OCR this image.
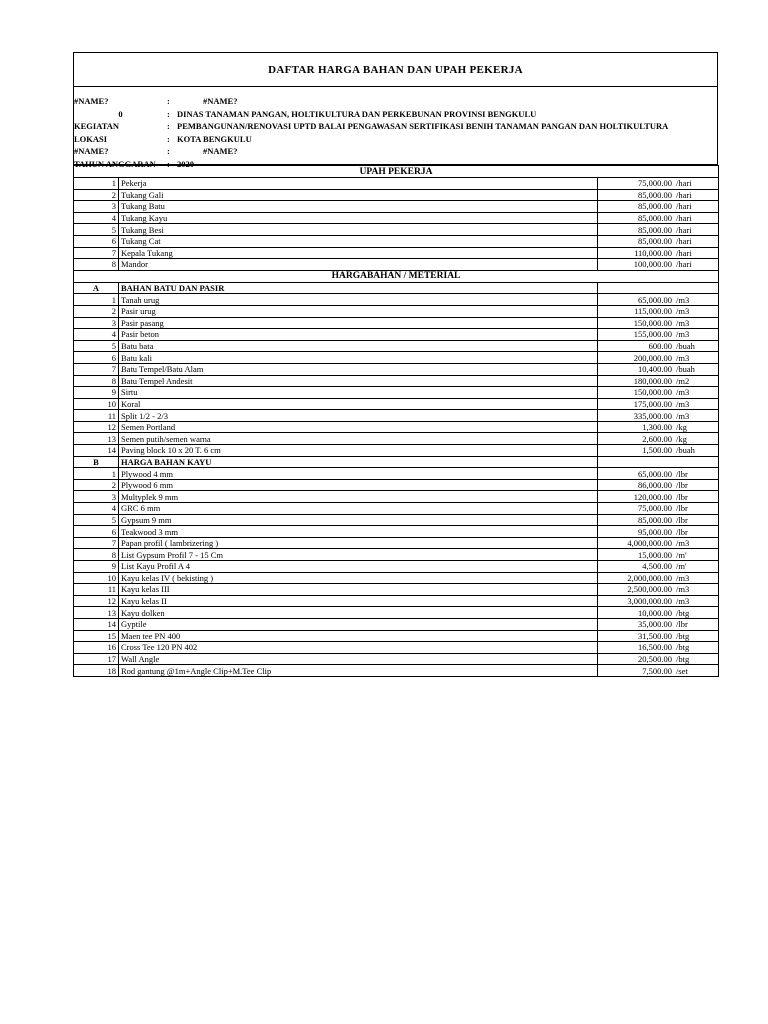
DAFTAR HARGA BAHAN DAN UPAH PEKERJA
#NAME?	:	#NAME?
0	: DINAS TANAMAN PANGAN, HOLTIKULTURA DAN PERKEBUNAN PROVINSI BENGKULU
KEGIATAN	: PEMBANGUNAN/RENOVASI UPTD BALAI PENGAWASAN SERTIFIKASI BENIH TANAMAN PANGAN DAN HOLTIKULTURA
LOKASI	: KOTA BENGKULU
#NAME?	:	#NAME?
TAHUN ANGGARAN	: 2020
UPAH PEKERJA		
1	Pekerja	75,000.00 /hari
2	Tukang Gali	85,000.00 /hari
3	Tukang Batu	85,000.00 /hari
4	Tukang Kayu	85,000.00 /hari
5	Tukang Besi	85,000.00 /hari
6	Tukang Cat	85,000.00 /hari
7	Kepala Tukang	110,000.00 /hari
8	Mandor	100,000.00 /hari
HARGABAHAN / METERIAL		
A	BAHAN BATU DAN PASIR	
1	Tanah urug	65,000.00 /m3
2	Pasir urug	115,000.00 /m3
3	Pasir pasang	150,000.00 /m3
4	Pasir beton	155,000.00 /m3
5	Batu bata	600.00 /buah
6	Batu kali	200,000.00 /m3
7	Batu Tempel/Batu Alam	10,400.00 /buah
8	Batu Tempel Andesit	180,000.00 /m2
9	Sirtu	150,000.00 /m3
10	Koral	175,000.00 /m3
11	Split 1/2 - 2/3	335,000.00 /m3
12	Semen Portland	1,300.00 /kg
13	Semen putih/semen warna	2,600.00 /kg
14	Paving block 10 x 20 T. 6 cm	1,500.00 /buah
B	HARGA BAHAN KAYU	
1	Plywood 4 mm	65,000.00 /lbr
2	Plywood 6 mm	86,000.00 /lbr
3	Multyplek 9 mm	120,000.00 /lbr
4	GRC 6 mm	75,000.00 /lbr
5	Gypsum 9 mm	85,000.00 /lbr
6	Teakwood 3 mm	95,000.00 /lbr
7	Papan profil ( lambrizering )	4,000,000.00 /m3
8	List Gypsum Profil 7 - 15 Cm	15,000.00 /m'
9	List Kayu Profil A 4	4,500.00 /m'
10	Kayu kelas IV ( bekisting )	2,000,000.00 /m3
11	Kayu kelas III	2,500,000.00 /m3
12	Kayu kelas II	3,000,000.00 /m3
13	Kayu dolken	10,000.00 /btg
14	Gyptile	35,000.00 /lbr
15	Maen tee PN 400	31,500.00 /btg
16	Cross Tee 120 PN 402	16,500.00 /btg
17	Wall Angle	20,500.00 /btg
18	Rod gantung @1m+Angle Clip+M.Tee Clip	7,500.00 /set
